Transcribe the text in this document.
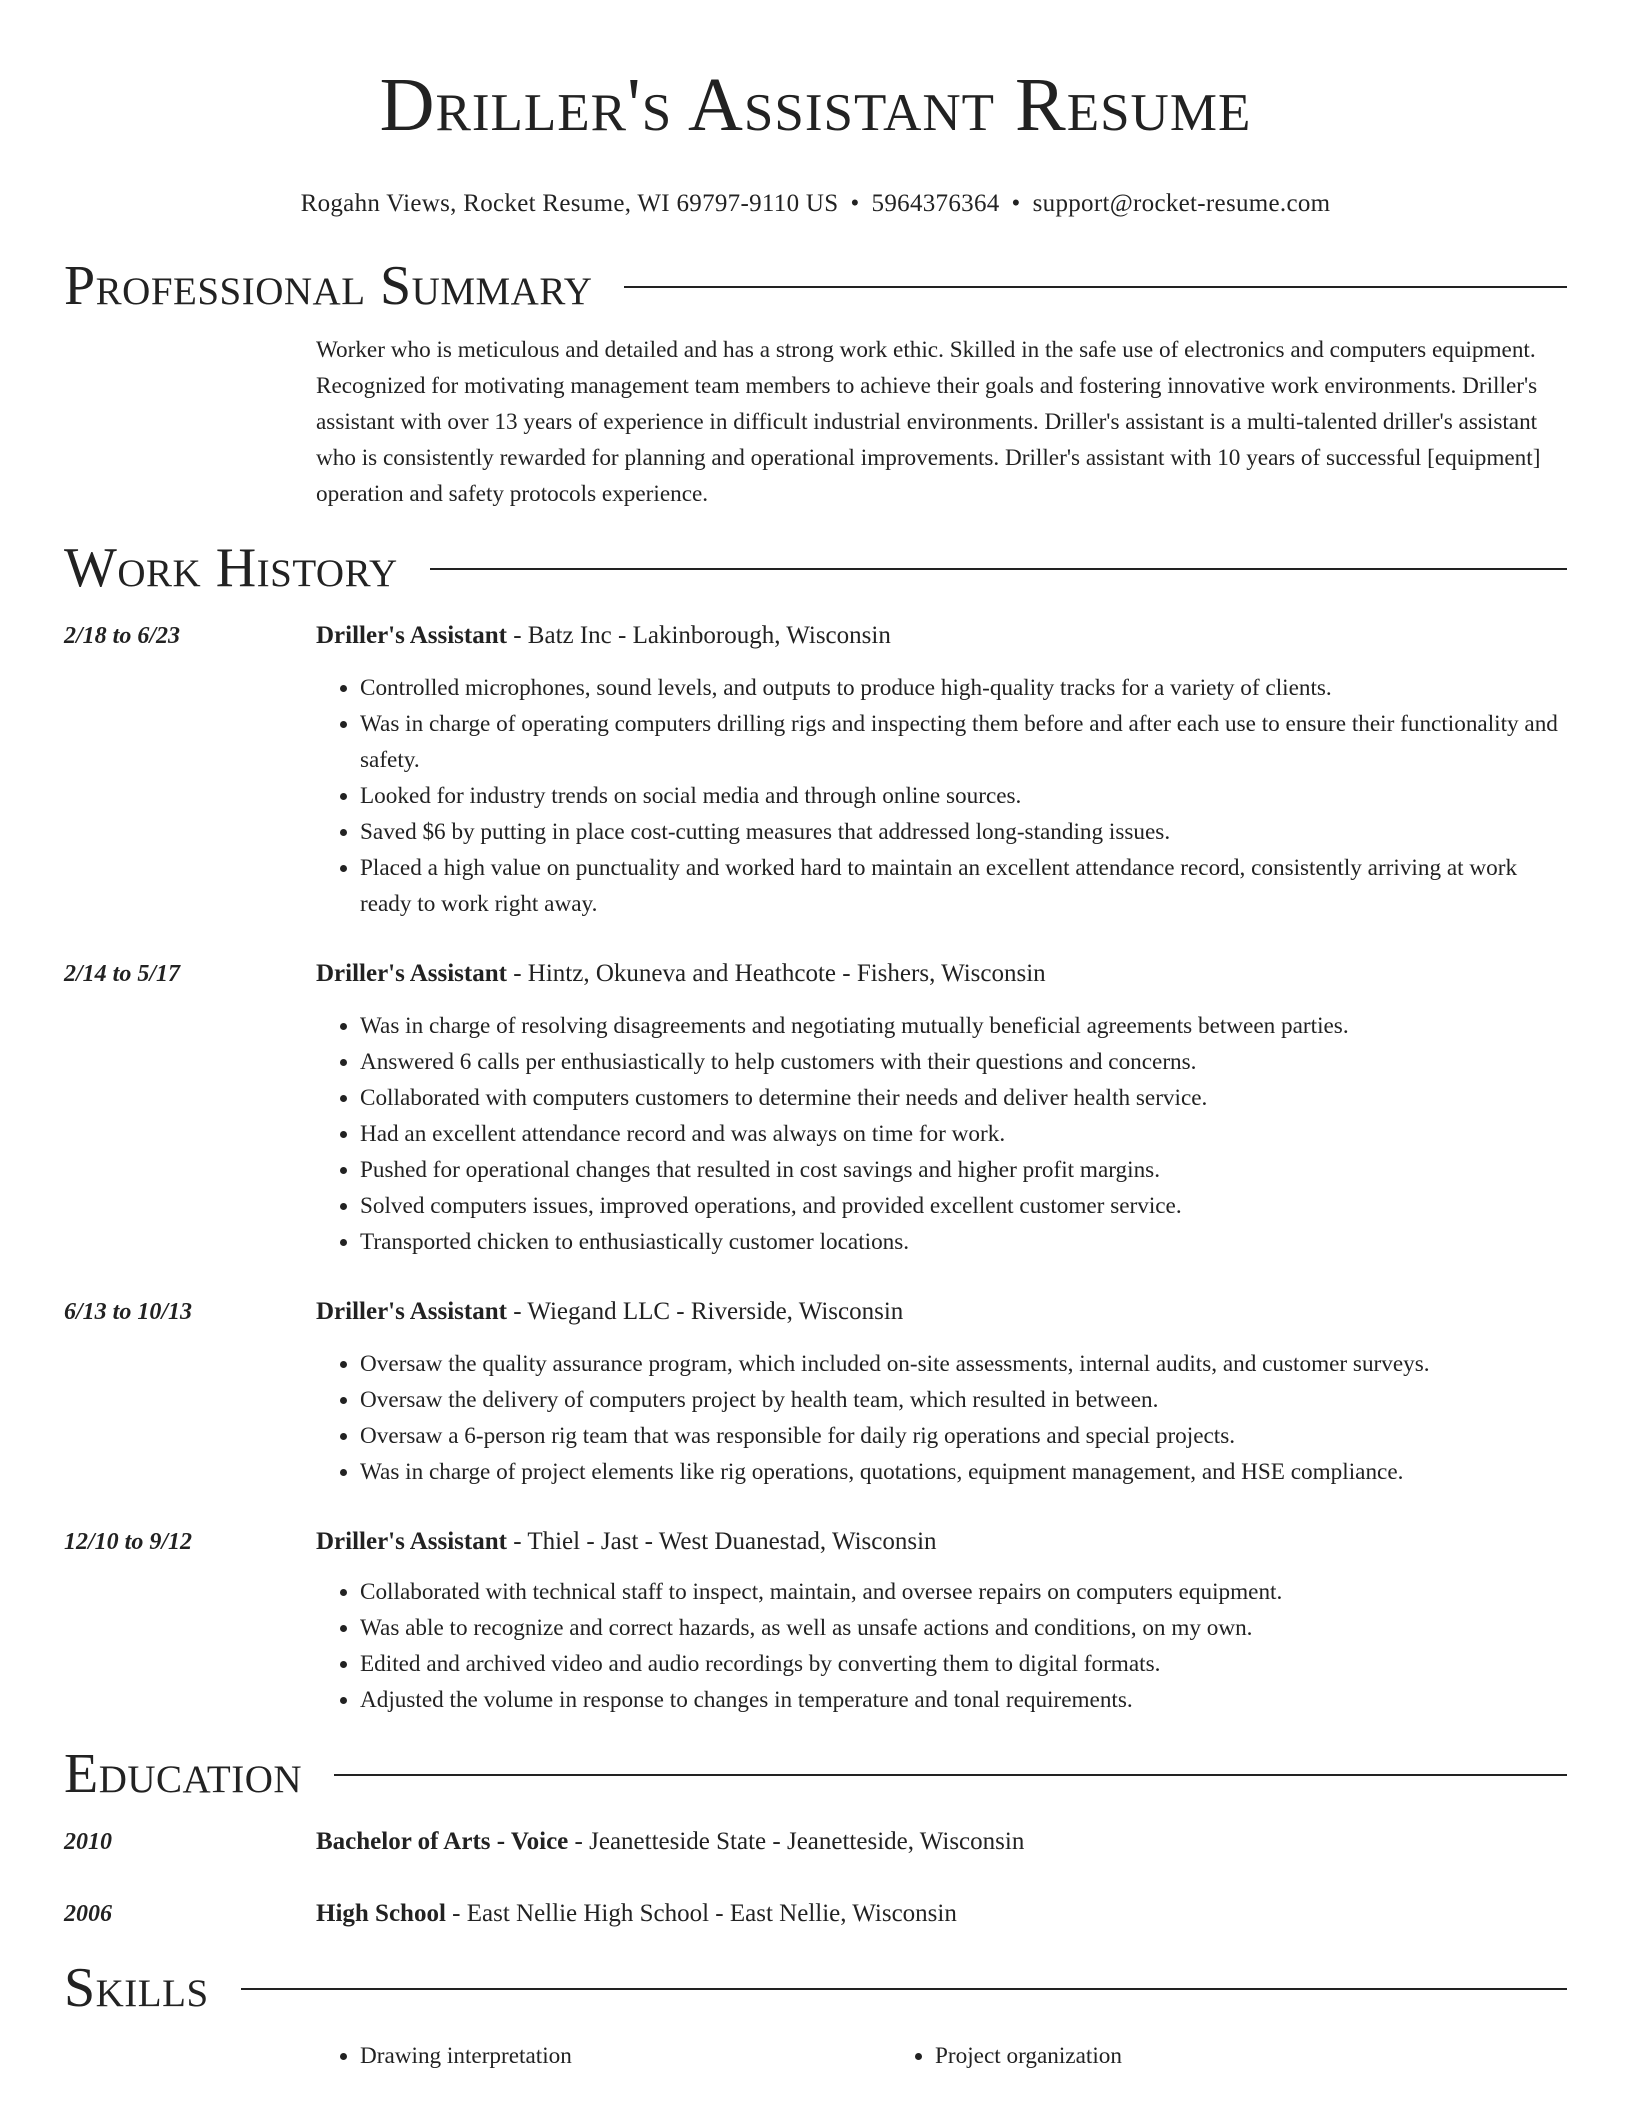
Driller's Assistant Resume
Rogahn Views, Rocket Resume, WI 69797-9110 US • 5964376364 • support@rocket-resume.com
Professional Summary
Worker who is meticulous and detailed and has a strong work ethic. Skilled in the safe use of electronics and computers equipment. Recognized for motivating management team members to achieve their goals and fostering innovative work environments. Driller's assistant with over 13 years of experience in difficult industrial environments. Driller's assistant is a multi-talented driller's assistant who is consistently rewarded for planning and operational improvements. Driller's assistant with 10 years of successful [equipment] operation and safety protocols experience.
Work History
2/18 to 6/23	Driller's Assistant - Batz Inc - Lakinborough, Wisconsin
• Controlled microphones, sound levels, and outputs to produce high-quality tracks for a variety of clients.
• Was in charge of operating computers drilling rigs and inspecting them before and after each use to ensure their functionality and safety.
• Looked for industry trends on social media and through online sources.
• Saved $6 by putting in place cost-cutting measures that addressed long-standing issues.
• Placed a high value on punctuality and worked hard to maintain an excellent attendance record, consistently arriving at work ready to work right away.
2/14 to 5/17	Driller's Assistant - Hintz, Okuneva and Heathcote - Fishers, Wisconsin
• Was in charge of resolving disagreements and negotiating mutually beneficial agreements between parties.
• Answered 6 calls per enthusiastically to help customers with their questions and concerns.
• Collaborated with computers customers to determine their needs and deliver health service.
• Had an excellent attendance record and was always on time for work.
• Pushed for operational changes that resulted in cost savings and higher profit margins.
• Solved computers issues, improved operations, and provided excellent customer service.
• Transported chicken to enthusiastically customer locations.
6/13 to 10/13	Driller's Assistant - Wiegand LLC - Riverside, Wisconsin
• Oversaw the quality assurance program, which included on-site assessments, internal audits, and customer surveys.
• Oversaw the delivery of computers project by health team, which resulted in between.
• Oversaw a 6-person rig team that was responsible for daily rig operations and special projects.
• Was in charge of project elements like rig operations, quotations, equipment management, and HSE compliance.
12/10 to 9/12	Driller's Assistant - Thiel - Jast - West Duanestad, Wisconsin
• Collaborated with technical staff to inspect, maintain, and oversee repairs on computers equipment.
• Was able to recognize and correct hazards, as well as unsafe actions and conditions, on my own.
• Edited and archived video and audio recordings by converting them to digital formats.
• Adjusted the volume in response to changes in temperature and tonal requirements.
Education
2010	Bachelor of Arts - Voice - Jeanetteside State - Jeanetteside, Wisconsin
2006	High School - East Nellie High School - East Nellie, Wisconsin
Skills
• Drawing interpretation
•	Project organization
